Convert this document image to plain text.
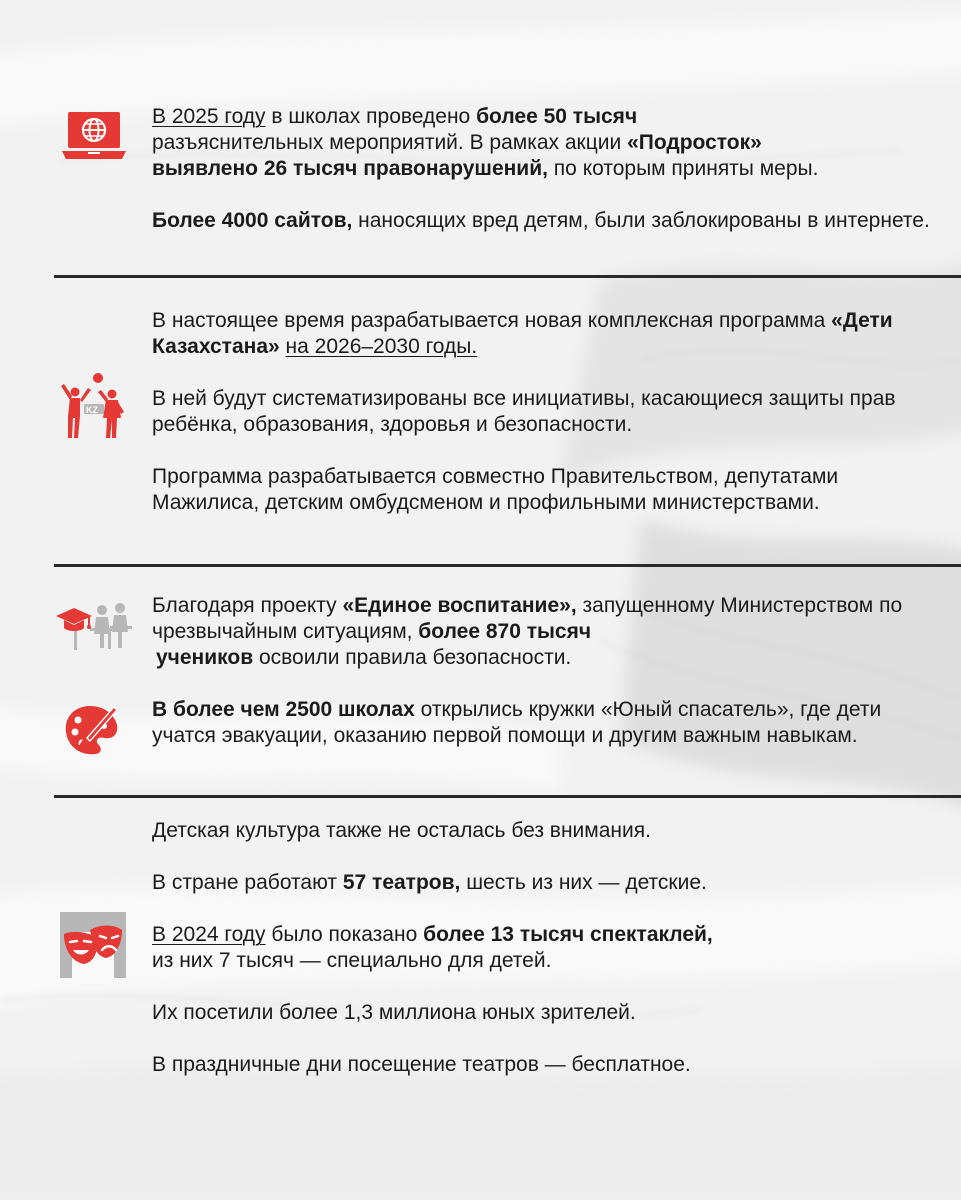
В 2025 году в школах проведено более 50 тысяч
разъяснительных мероприятий. В рамках акции «Подросток»
выявлено 26 тысяч правонарушений, по которым приняты меры.

Более 4000 сайтов, наносящих вред детям, были заблокированы в интернете.

KZ

В настоящее время разрабатывается новая комплексная программа «Дети Казахстана» на 2026–2030 годы.

В ней будут систематизированы все инициативы, касающиеся защиты прав ребёнка, образования, здоровья и безопасности.

Программа разрабатывается совместно Правительством, депутатами Мажилиса, детским омбудсменом и профильными министерствами.

Благодаря проекту «Единое воспитание», запущенному Министерством по чрезвычайным ситуациям, более 870 тысяч
учеников освоили правила безопасности.

В более чем 2500 школах открылись кружки «Юный спасатель», где дети учатся эвакуации, оказанию первой помощи и другим важным навыкам.

Детская культура также не осталась без внимания.

В стране работают 57 театров, шесть из них — детские.

В 2024 году было показано более 13 тысяч спектаклей,
из них 7 тысяч — специально для детей.

Их посетили более 1,3 миллиона юных зрителей.

В праздничные дни посещение театров — бесплатное.
